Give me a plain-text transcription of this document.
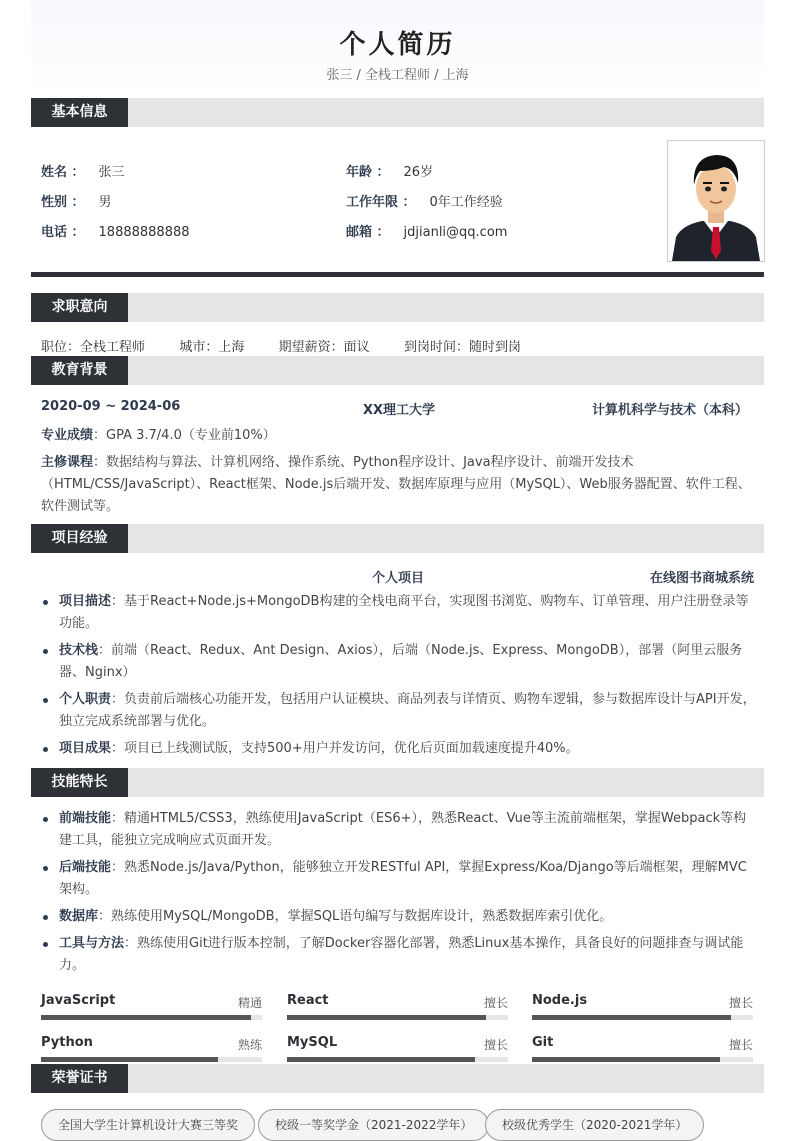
个人简历
张三 / 全栈工程师 / 上海
基本信息
姓名 ： 张三	年龄 ： 26岁
性别 ： 男	工作年限 ： 0年工作经验
电话 ： 18888888888	邮箱 ： jdjianli@qq.com
求职意向
职位：全栈工程师	城市：上海	期望薪资：面议	到岗时间：随时到岗
教育背景
2020-09 ~ 2024-06	XX理工大学	计算机科学与技术（本科）
专业成绩：GPA 3.7/4.0（专业前10%）
主修课程：数据结构与算法、计算机网络、操作系统、Python程序设计、Java程序设计、前端开发技术（HTML/CSS/JavaScript）、React框架、Node.js后端开发、数据库原理与应用（MySQL）、Web服务器配置、软件工程、软件测试等。
项目经验
个人项目	在线图书商城系统
项目描述：基于React+Node.js+MongoDB构建的全栈电商平台，实现图书浏览、购物车、订单管理、用户注册登录等功能。
技术栈：前端（React、Redux、Ant Design、Axios），后端（Node.js、Express、MongoDB），部署（阿里云服务器、Nginx）
个人职责：负责前后端核心功能开发，包括用户认证模块、商品列表与详情页、购物车逻辑，参与数据库设计与API开发，独立完成系统部署与优化。
项目成果：项目已上线测试版，支持500+用户并发访问，优化后页面加载速度提升40%。
技能特长
前端技能：精通HTML5/CSS3，熟练使用JavaScript（ES6+），熟悉React、Vue等主流前端框架，掌握Webpack等构建工具，能独立完成响应式页面开发。
后端技能：熟悉Node.js/Java/Python，能够独立开发RESTful API，掌握Express/Koa/Django等后端框架，理解MVC架构。
数据库：熟练使用MySQL/MongoDB，掌握SQL语句编写与数据库设计，熟悉数据库索引优化。
工具与方法：熟练使用Git进行版本控制，了解Docker容器化部署，熟悉Linux基本操作，具备良好的问题排查与调试能力。
JavaScript	精通 React	擅长 Node.js	擅长
Python	熟练 MySQL	擅长 Git	擅长
荣誉证书
全国大学生计算机设计大赛三等奖	校级一等奖学金（2021-2022学年）	校级优秀学生（2020-2021学年）
